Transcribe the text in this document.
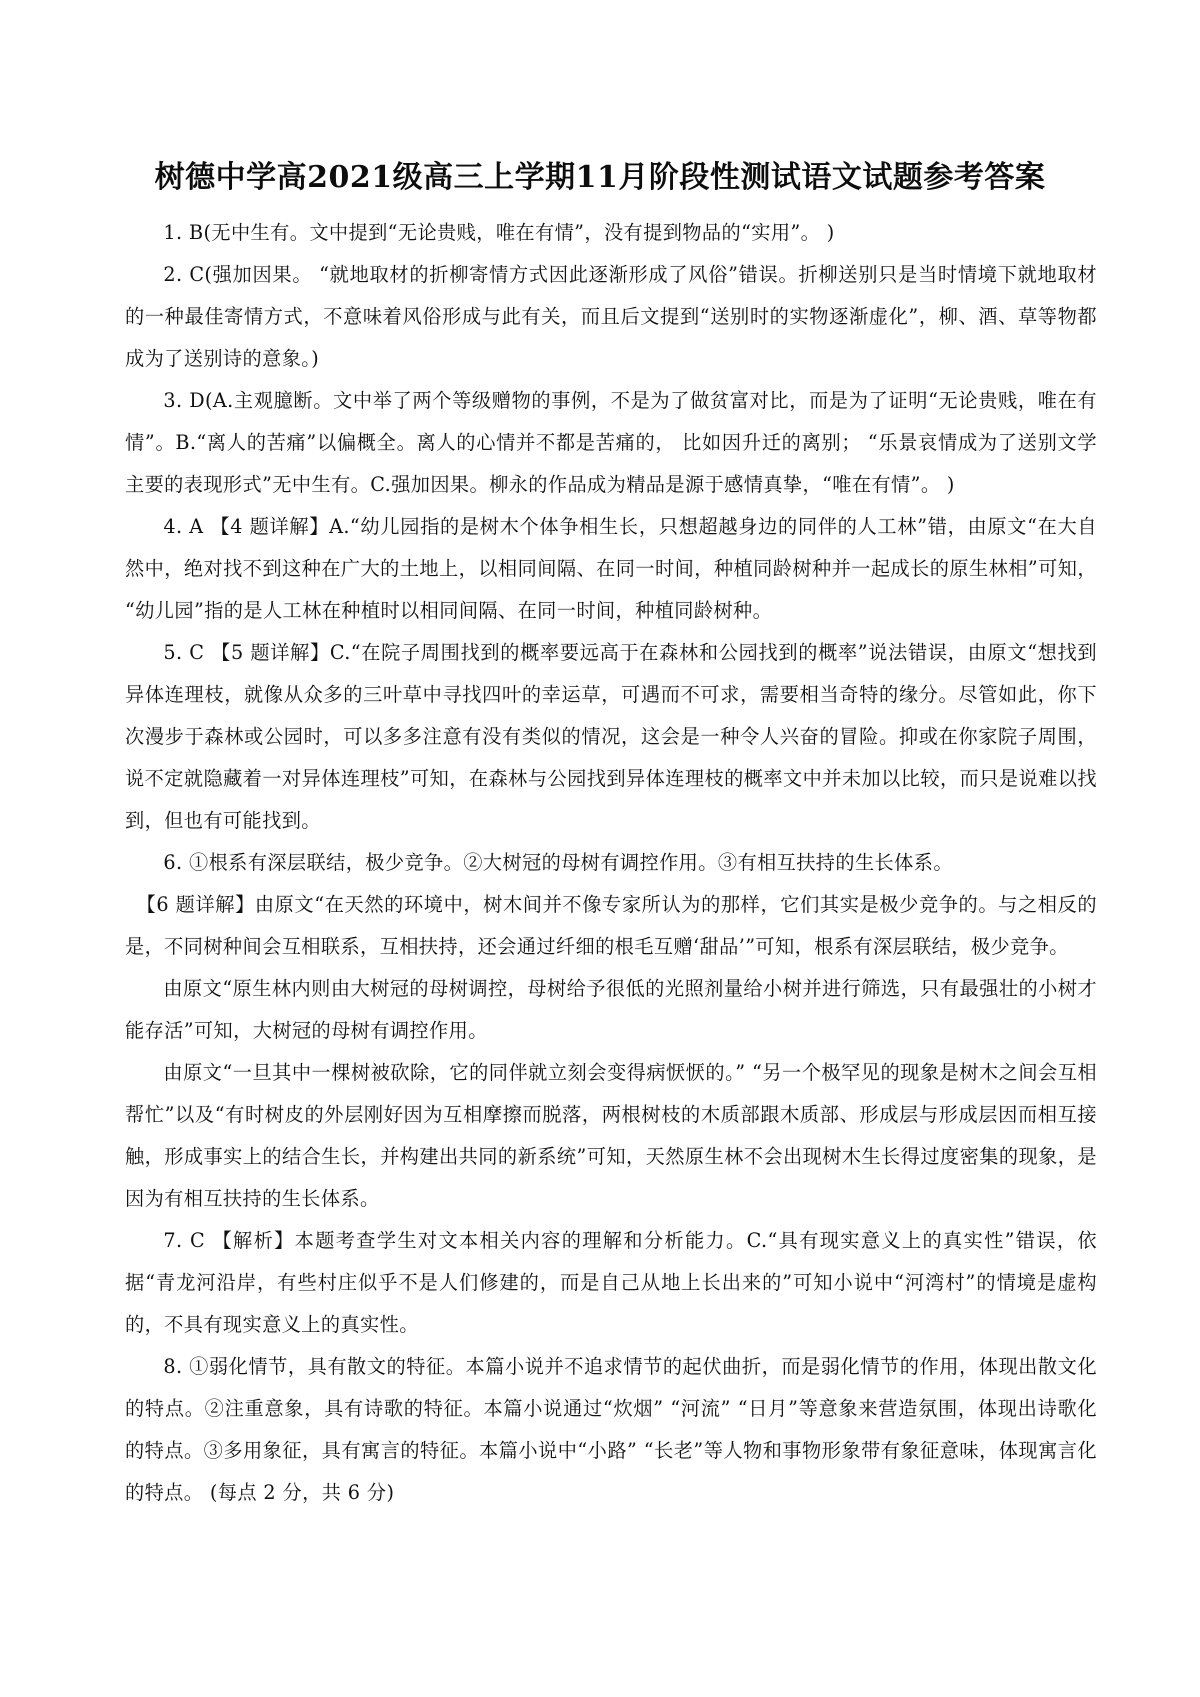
树德中学高2021级高三上学期11月阶段性测试语文试题参考答案

1. B(无中生有。文中提到“无论贵贱，唯在有情”，没有提到物品的“实用”。 )

2. C(强加因果。 “就地取材的折柳寄情方式因此逐渐形成了风俗”错误。折柳送别只是当时情境下就地取材的一种最佳寄情方式，不意味着风俗形成与此有关，而且后文提到“送别时的实物逐渐虚化”，柳、酒、草等物都成为了送别诗的意象。)

3. D(A.主观臆断。文中举了两个等级赠物的事例，不是为了做贫富对比，而是为了证明“无论贵贱，唯在有情”。B.“离人的苦痛”以偏概全。离人的心情并不都是苦痛的， 比如因升迁的离别； “乐景哀情成为了送别文学主要的表现形式”无中生有。C.强加因果。柳永的作品成为精品是源于感情真挚，“唯在有情”。 )

4. A 【4 题详解】A.“幼儿园指的是树木个体争相生长，只想超越身边的同伴的人工林”错，由原文“在大自然中，绝对找不到这种在广大的土地上，以相同间隔、在同一时间，种植同龄树种并一起成长的原生林相”可知， “幼儿园”指的是人工林在种植时以相同间隔、在同一时间，种植同龄树种。

5. C 【5 题详解】C.“在院子周围找到的概率要远高于在森林和公园找到的概率”说法错误，由原文“想找到异体连理枝，就像从众多的三叶草中寻找四叶的幸运草，可遇而不可求，需要相当奇特的缘分。尽管如此，你下次漫步于森林或公园时，可以多多注意有没有类似的情况，这会是一种令人兴奋的冒险。抑或在你家院子周围，说不定就隐藏着一对异体连理枝”可知，在森林与公园找到异体连理枝的概率文中并未加以比较，而只是说难以找到，但也有可能找到。

6. ①根系有深层联结，极少竞争。②大树冠的母树有调控作用。③有相互扶持的生长体系。

【6 题详解】由原文“在天然的环境中，树木间并不像专家所认为的那样，它们其实是极少竞争的。与之相反的是，不同树种间会互相联系，互相扶持，还会通过纤细的根毛互赠‘甜品’”可知，根系有深层联结，极少竞争。

由原文“原生林内则由大树冠的母树调控，母树给予很低的光照剂量给小树并进行筛选，只有最强壮的小树才能存活”可知，大树冠的母树有调控作用。

由原文“一旦其中一棵树被砍除，它的同伴就立刻会变得病恹恹的。” “另一个极罕见的现象是树木之间会互相帮忙”以及“有时树皮的外层刚好因为互相摩擦而脱落，两根树枝的木质部跟木质部、形成层与形成层因而相互接触，形成事实上的结合生长，并构建出共同的新系统”可知，天然原生林不会出现树木生长得过度密集的现象，是因为有相互扶持的生长体系。

7. C 【解析】本题考查学生对文本相关内容的理解和分析能力。C.“具有现实意义上的真实性”错误，依据“青龙河沿岸，有些村庄似乎不是人们修建的，而是自己从地上长出来的”可知小说中“河湾村”的情境是虚构的，不具有现实意义上的真实性。

8. ①弱化情节，具有散文的特征。本篇小说并不追求情节的起伏曲折，而是弱化情节的作用，体现出散文化的特点。②注重意象，具有诗歌的特征。本篇小说通过“炊烟” “河流” “日月”等意象来营造氛围，体现出诗歌化的特点。③多用象征，具有寓言的特征。本篇小说中“小路” “长老”等人物和事物形象带有象征意味，体现寓言化的特点。 (每点 2 分，共 6 分)
